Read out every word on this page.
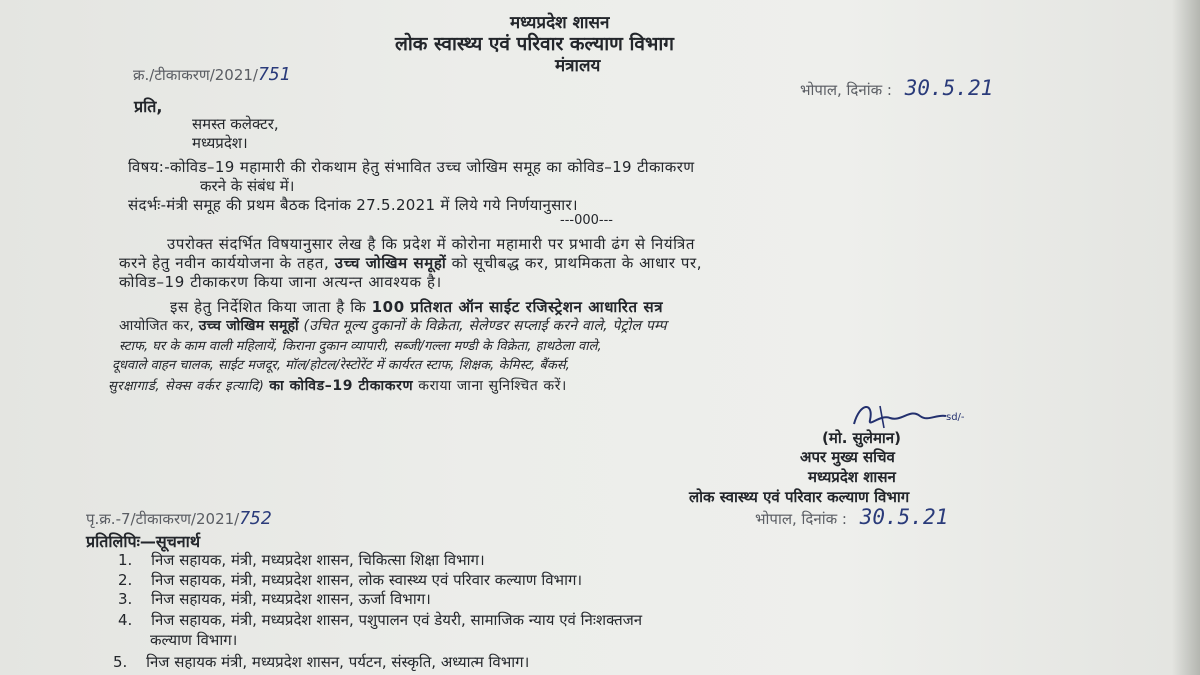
मध्यप्रदेश शासन
लोक स्वास्थ्य एवं परिवार कल्याण विभाग
मंत्रालय
क्र./टीकाकरण/2021/751
भोपाल, दिनांक : 30.5.21
प्रति,
समस्त कलेक्टर,
मध्यप्रदेश।
विषय:-कोविड–19 महामारी की रोकथाम हेतु संभावित उच्च जोखिम समूह का कोविड–19 टीकाकरण
करने के संबंध में।
संदर्भः-मंत्री समूह की प्रथम बैठक दिनांक 27.5.2021 में लिये गये निर्णयानुसार।
---000---
उपरोक्त संदर्भित विषयानुसार लेख है कि प्रदेश में कोरोना महामारी पर प्रभावी ढंग से नियंत्रित
करने हेतु नवीन कार्ययोजना के तहत, उच्च जोखिम समूहों को सूचीबद्ध कर, प्राथमिकता के आधार पर,
कोविड–19 टीकाकरण किया जाना अत्यन्त आवश्यक है।
इस हेतु निर्देशित किया जाता है कि 100 प्रतिशत ऑन साईट रजिस्ट्रेशन आधारित सत्र
आयोजित कर, उच्च जोखिम समूहों (उचित मूल्य दुकानों के विक्रेता, सेलेण्डर सप्लाई करने वाले, पेट्रोल पम्प
स्टाफ, घर के काम वाली महिलायें, किराना दुकान व्यापारी, सब्जी/गल्ला मण्डी के विक्रेता, हाथठेला वाले,
दूधवाले वाहन चालक, साईट मजदूर, मॉल/होटल/रेस्टोरेंट में कार्यरत स्टाफ, शिक्षक, केमिस्ट, बैंकर्स,
सुरक्षागार्ड, सेक्स वर्कर इत्यादि) का कोविड–19 टीकाकरण कराया जाना सुनिश्चित करें।
sd/-
(मो. सुलेमान)
अपर मुख्य सचिव
मध्यप्रदेश शासन
लोक स्वास्थ्य एवं परिवार कल्याण विभाग
पृ.क्र.-7/टीकाकरण/2021/752	भोपाल, दिनांक : 30.5.21
प्रतिलिपिः—सूचनार्थ
1. निज सहायक, मंत्री, मध्यप्रदेश शासन, चिकित्सा शिक्षा विभाग।
2. निज सहायक, मंत्री, मध्यप्रदेश शासन, लोक स्वास्थ्य एवं परिवार कल्याण विभाग।
3. निज सहायक, मंत्री, मध्यप्रदेश शासन, ऊर्जा विभाग।
4. निज सहायक, मंत्री, मध्यप्रदेश शासन, पशुपालन एवं डेयरी, सामाजिक न्याय एवं निःशक्तजन
कल्याण विभाग।
5. निज सहायक मंत्री, मध्यप्रदेश शासन, पर्यटन, संस्कृति, अध्यात्म विभाग।
